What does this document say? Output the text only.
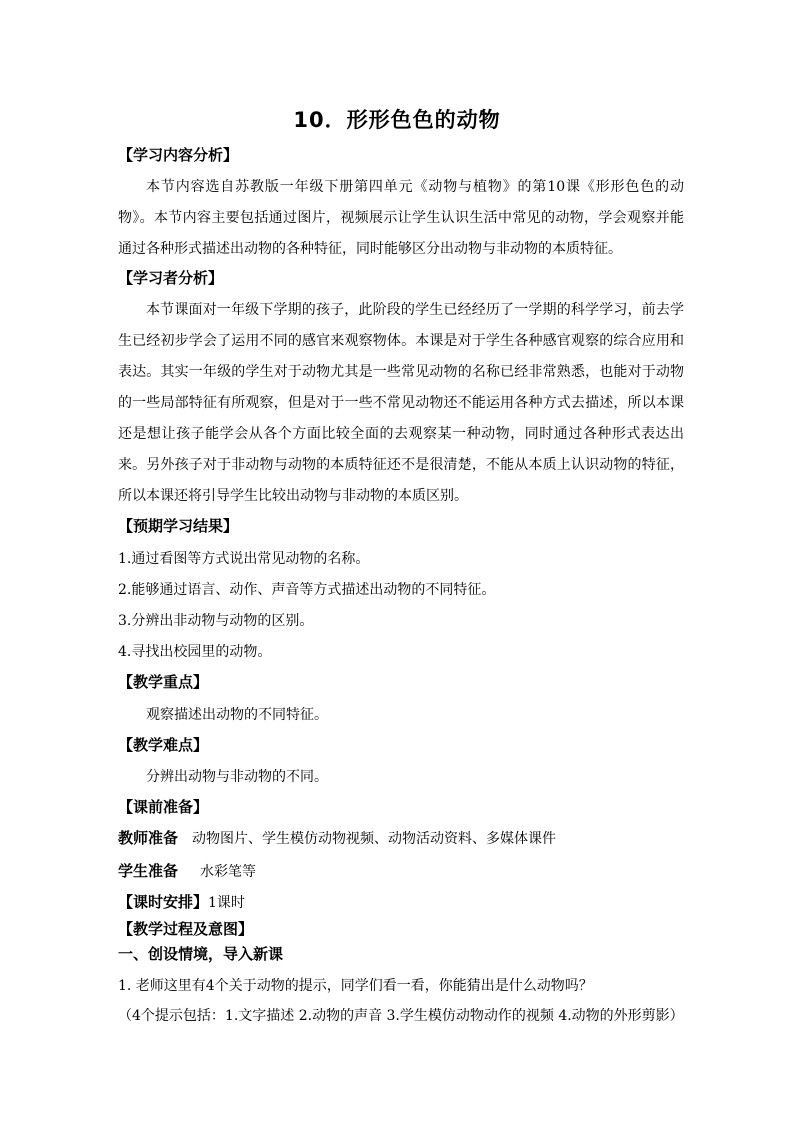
10．形形色色的动物
【学习内容分析】
本节内容选自苏教版一年级下册第四单元《动物与植物》的第10课《形形色色的动物》。本节内容主要包括通过图片，视频展示让学生认识生活中常见的动物，学会观察并能通过各种形式描述出动物的各种特征，同时能够区分出动物与非动物的本质特征。
【学习者分析】
本节课面对一年级下学期的孩子，此阶段的学生已经经历了一学期的科学学习，前去学生已经初步学会了运用不同的感官来观察物体。本课是对于学生各种感官观察的综合应用和表达。其实一年级的学生对于动物尤其是一些常见动物的名称已经非常熟悉，也能对于动物的一些局部特征有所观察，但是对于一些不常见动物还不能运用各种方式去描述，所以本课还是想让孩子能学会从各个方面比较全面的去观察某一种动物，同时通过各种形式表达出来。另外孩子对于非动物与动物的本质特征还不是很清楚，不能从本质上认识动物的特征，所以本课还将引导学生比较出动物与非动物的本质区别。
【预期学习结果】
1.通过看图等方式说出常见动物的名称。
2.能够通过语言、动作、声音等方式描述出动物的不同特征。
3.分辨出非动物与动物的区别。
4.寻找出校园里的动物。
【教学重点】
观察描述出动物的不同特征。
【教学难点】
分辨出动物与非动物的不同。
【课前准备】
教师准备 动物图片、学生模仿动物视频、动物活动资料、多媒体课件
学生准备 水彩笔等
【课时安排】1课时
【教学过程及意图】
一、创设情境，导入新课
1. 老师这里有4个关于动物的提示，同学们看一看，你能猜出是什么动物吗？
（4个提示包括：1.文字描述 2.动物的声音 3.学生模仿动物动作的视频 4.动物的外形剪影）
